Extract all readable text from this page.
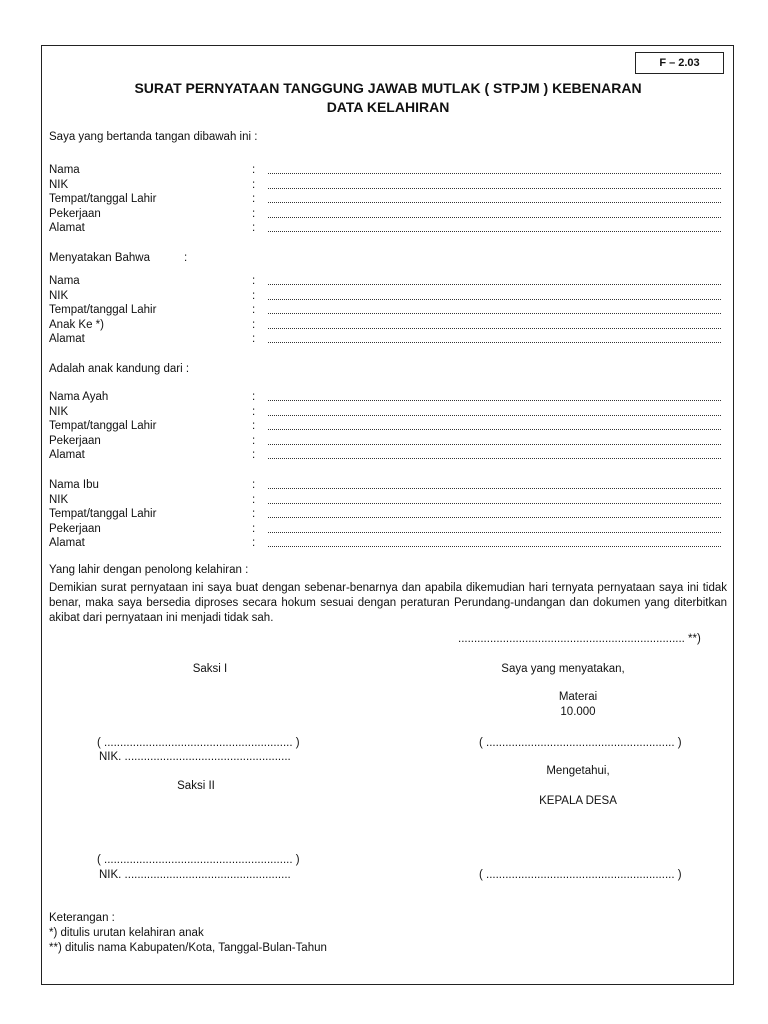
F – 2.03
SURAT PERNYATAAN TANGGUNG JAWAB MUTLAK ( STPJM ) KEBENARAN
DATA KELAHIRAN
Saya yang bertanda tangan dibawah ini :
Nama	:
NIK	:
Tempat/tanggal Lahir	:
Pekerjaan	:
Alamat	:
Menyatakan Bahwa	:
Nama	:
NIK	:
Tempat/tanggal Lahir	:
Anak Ke *)	:
Alamat	:
Adalah anak kandung dari :
Nama Ayah	:
NIK	:
Tempat/tanggal Lahir	:
Pekerjaan	:
Alamat	:
Nama Ibu	:
NIK	:
Tempat/tanggal Lahir	:
Pekerjaan	:
Alamat	:
Yang lahir dengan penolong kelahiran :
Demikian surat pernyataan ini saya buat dengan sebenar-benarnya dan apabila dikemudian hari ternyata pernyataan saya ini tidak benar, maka saya bersedia diproses secara hokum sesuai dengan peraturan Perundang-undangan dan dokumen yang diterbitkan akibat dari pernyataan ini menjadi tidak sah.
....................................................................... **)
Saksi I	Saya yang menyatakan,
Materai
10.000
( ........................................................... )
NIK. ....................................................
( ........................................................... )
Mengetahui,
Saksi II
KEPALA DESA
( ........................................................... )
NIK. ....................................................	( ........................................................... )
Keterangan :
*) ditulis urutan kelahiran anak
**) ditulis nama Kabupaten/Kota, Tanggal-Bulan-Tahun
